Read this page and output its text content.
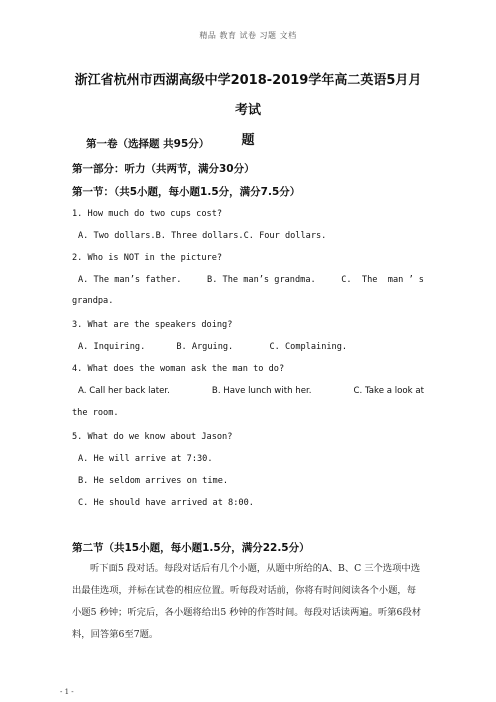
精品 教育 试卷 习题 文档
浙江省杭州市西湖高级中学2018-2019学年高二英语5月月考试
题
第一卷（选择题 共95分）
第一部分：听力（共两节，满分30分）
第一节：（共5小题，每小题1.5分，满分7.5分）
1. How much do two cups cost?
A. Two dollars.B. Three dollars.C. Four dollars.
2. Who is NOT in the picture?
A. The man’s father.	B. The man’s grandma.	C.  The  man ’ s
grandpa.
3. What are the speakers doing?
A. Inquiring.	B. Arguing.	C. Complaining.
4. What does the woman ask the man to do?
A. Call her back later.	B. Have lunch with her.	C. Take a look at
the room.
5. What do we know about Jason?
A. He will arrive at 7:30.
B. He seldom arrives on time.
C. He should have arrived at 8:00.
第二节（共15小题，每小题1.5分，满分22.5分）
听下面5 段对话。每段对话后有几个小题，从题中所给的A、B、C 三个选项中选出最佳选项，并标在试卷的相应位置。听每段对话前，你将有时间阅读各个小题，每小题5 秒钟；听完后，各小题将给出5 秒钟的作答时间。每段对话读两遍。听第6段材料，回答第6至7题。
- 1 -
